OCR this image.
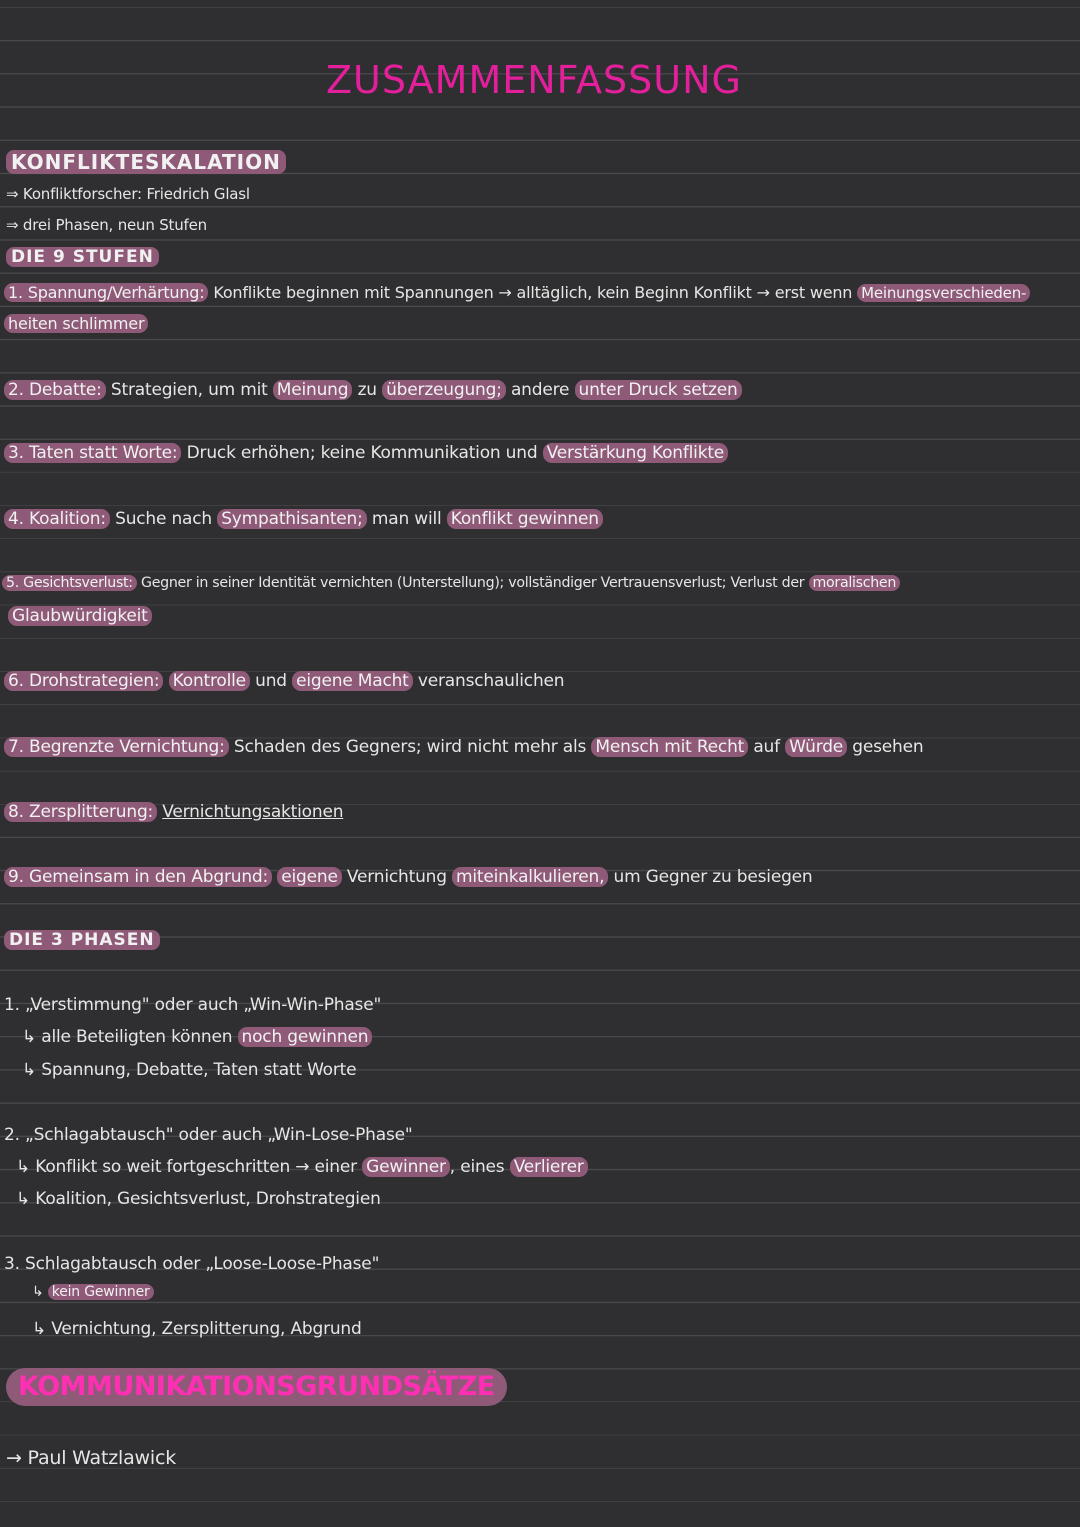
ZUSAMMENFASSUNG
KONFLIKTESKALATION
⇒ Konfliktforscher: Friedrich Glasl
⇒ drei Phasen, neun Stufen
DIE 9 STUFEN
1. Spannung/Verhärtung: Konflikte beginnen mit Spannungen → alltäglich, kein Beginn Konflikt → erst wenn Meinungsverschieden-
heiten schlimmer
2. Debatte: Strategien, um mit Meinung zu überzeugung; andere unter Druck setzen
3. Taten statt Worte: Druck erhöhen; keine Kommunikation und Verstärkung Konflikte
4. Koalition: Suche nach Sympathisanten; man will Konflikt gewinnen
5. Gesichtsverlust: Gegner in seiner Identität vernichten (Unterstellung); vollständiger Vertrauensverlust; Verlust der moralischen
Glaubwürdigkeit
6. Drohstrategien: Kontrolle und eigene Macht veranschaulichen
7. Begrenzte Vernichtung: Schaden des Gegners; wird nicht mehr als Mensch mit Recht auf Würde gesehen
8. Zersplitterung: Vernichtungsaktionen
9. Gemeinsam in den Abgrund: eigene Vernichtung miteinkalkulieren, um Gegner zu besiegen
DIE 3 PHASEN
1. „Verstimmung" oder auch „Win-Win-Phase"
↳ alle Beteiligten können noch gewinnen
↳ Spannung, Debatte, Taten statt Worte
2. „Schlagabtausch" oder auch „Win-Lose-Phase"
↳ Konflikt so weit fortgeschritten → einer Gewinner , eines Verlierer
↳ Koalition, Gesichtsverlust, Drohstrategien
3. Schlagabtausch oder „Loose-Loose-Phase"
↳ kein Gewinner
↳ Vernichtung, Zersplitterung, Abgrund
KOMMUNIKATIONSGRUNDSÄTZE
→ Paul Watzlawick
